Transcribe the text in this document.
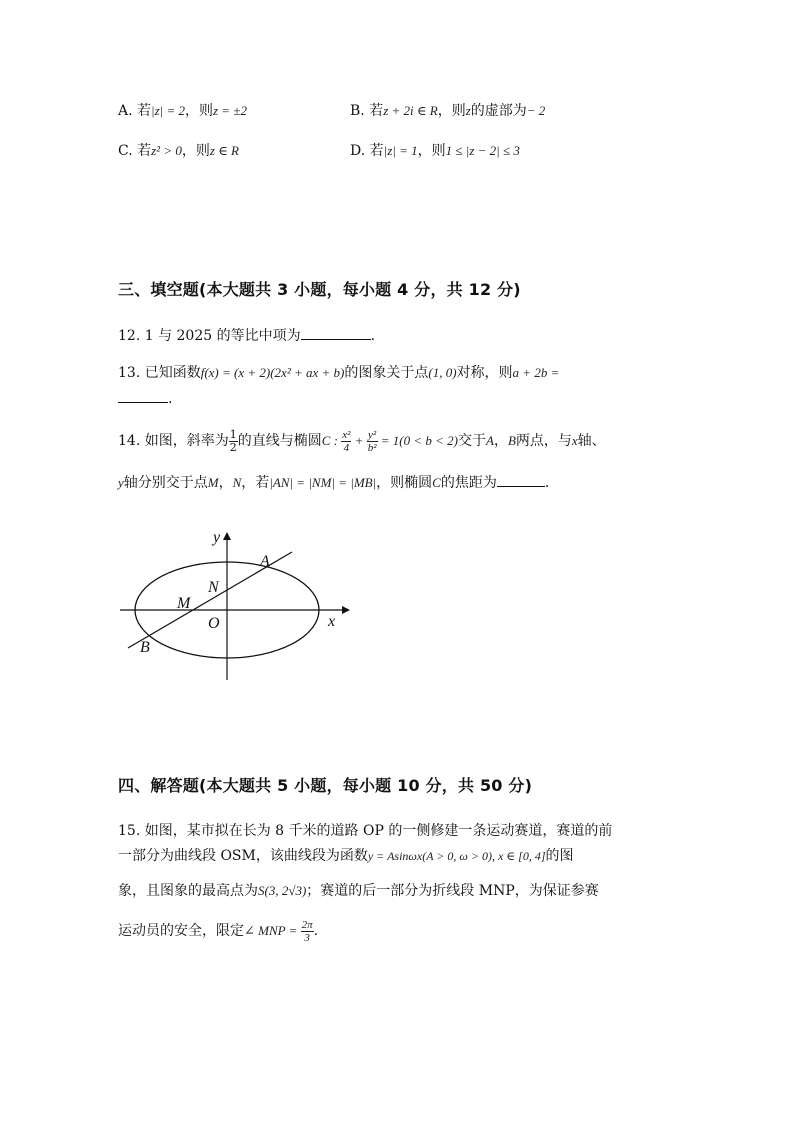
A. 若|z| = 2，则z = ±2	B. 若z + 2i ∈ R，则z的虚部为− 2
C. 若z² > 0，则z ∈ R	D. 若|z| = 1，则1 ≤ |z − 2| ≤ 3
三、填空题(本大题共 3 小题，每小题 4 分，共 12 分)
12. 1 与 2025 的等比中项为	.
13. 已知函数f(x) = (x + 2)(2x² + ax + b)的图象关于点(1, 0)对称，则a + 2b =
.
14. 如图，斜率为 $\frac{1}{2}$ 的直线与椭圆C : $\frac{\text{x²}}{4} + \frac{\text{y²}}{\text{b²}} = 1(0 < b < 2)$交于A，B两点，与x轴、
y轴分别交于点M，N，若|AN| = |NM| = |MB|，则椭圆C的焦距为	.
y
x
A
N
M
O
B
四、解答题(本大题共 5 小题，每小题 10 分，共 50 分)
15. 如图，某市拟在长为 8 千米的道路 OP 的一侧修建一条运动赛道，赛道的前
一部分为曲线段 OSM，该曲线段为函数y = Asinωx(A > 0, ω > 0), x ∈ [0, 4]的图
象，且图象的最高点为S(3, 2√3)；赛道的后一部分为折线段 MNP，为保证参赛
运动员的安全，限定∠ MNP = $\frac{2\pi}{3}$ .
